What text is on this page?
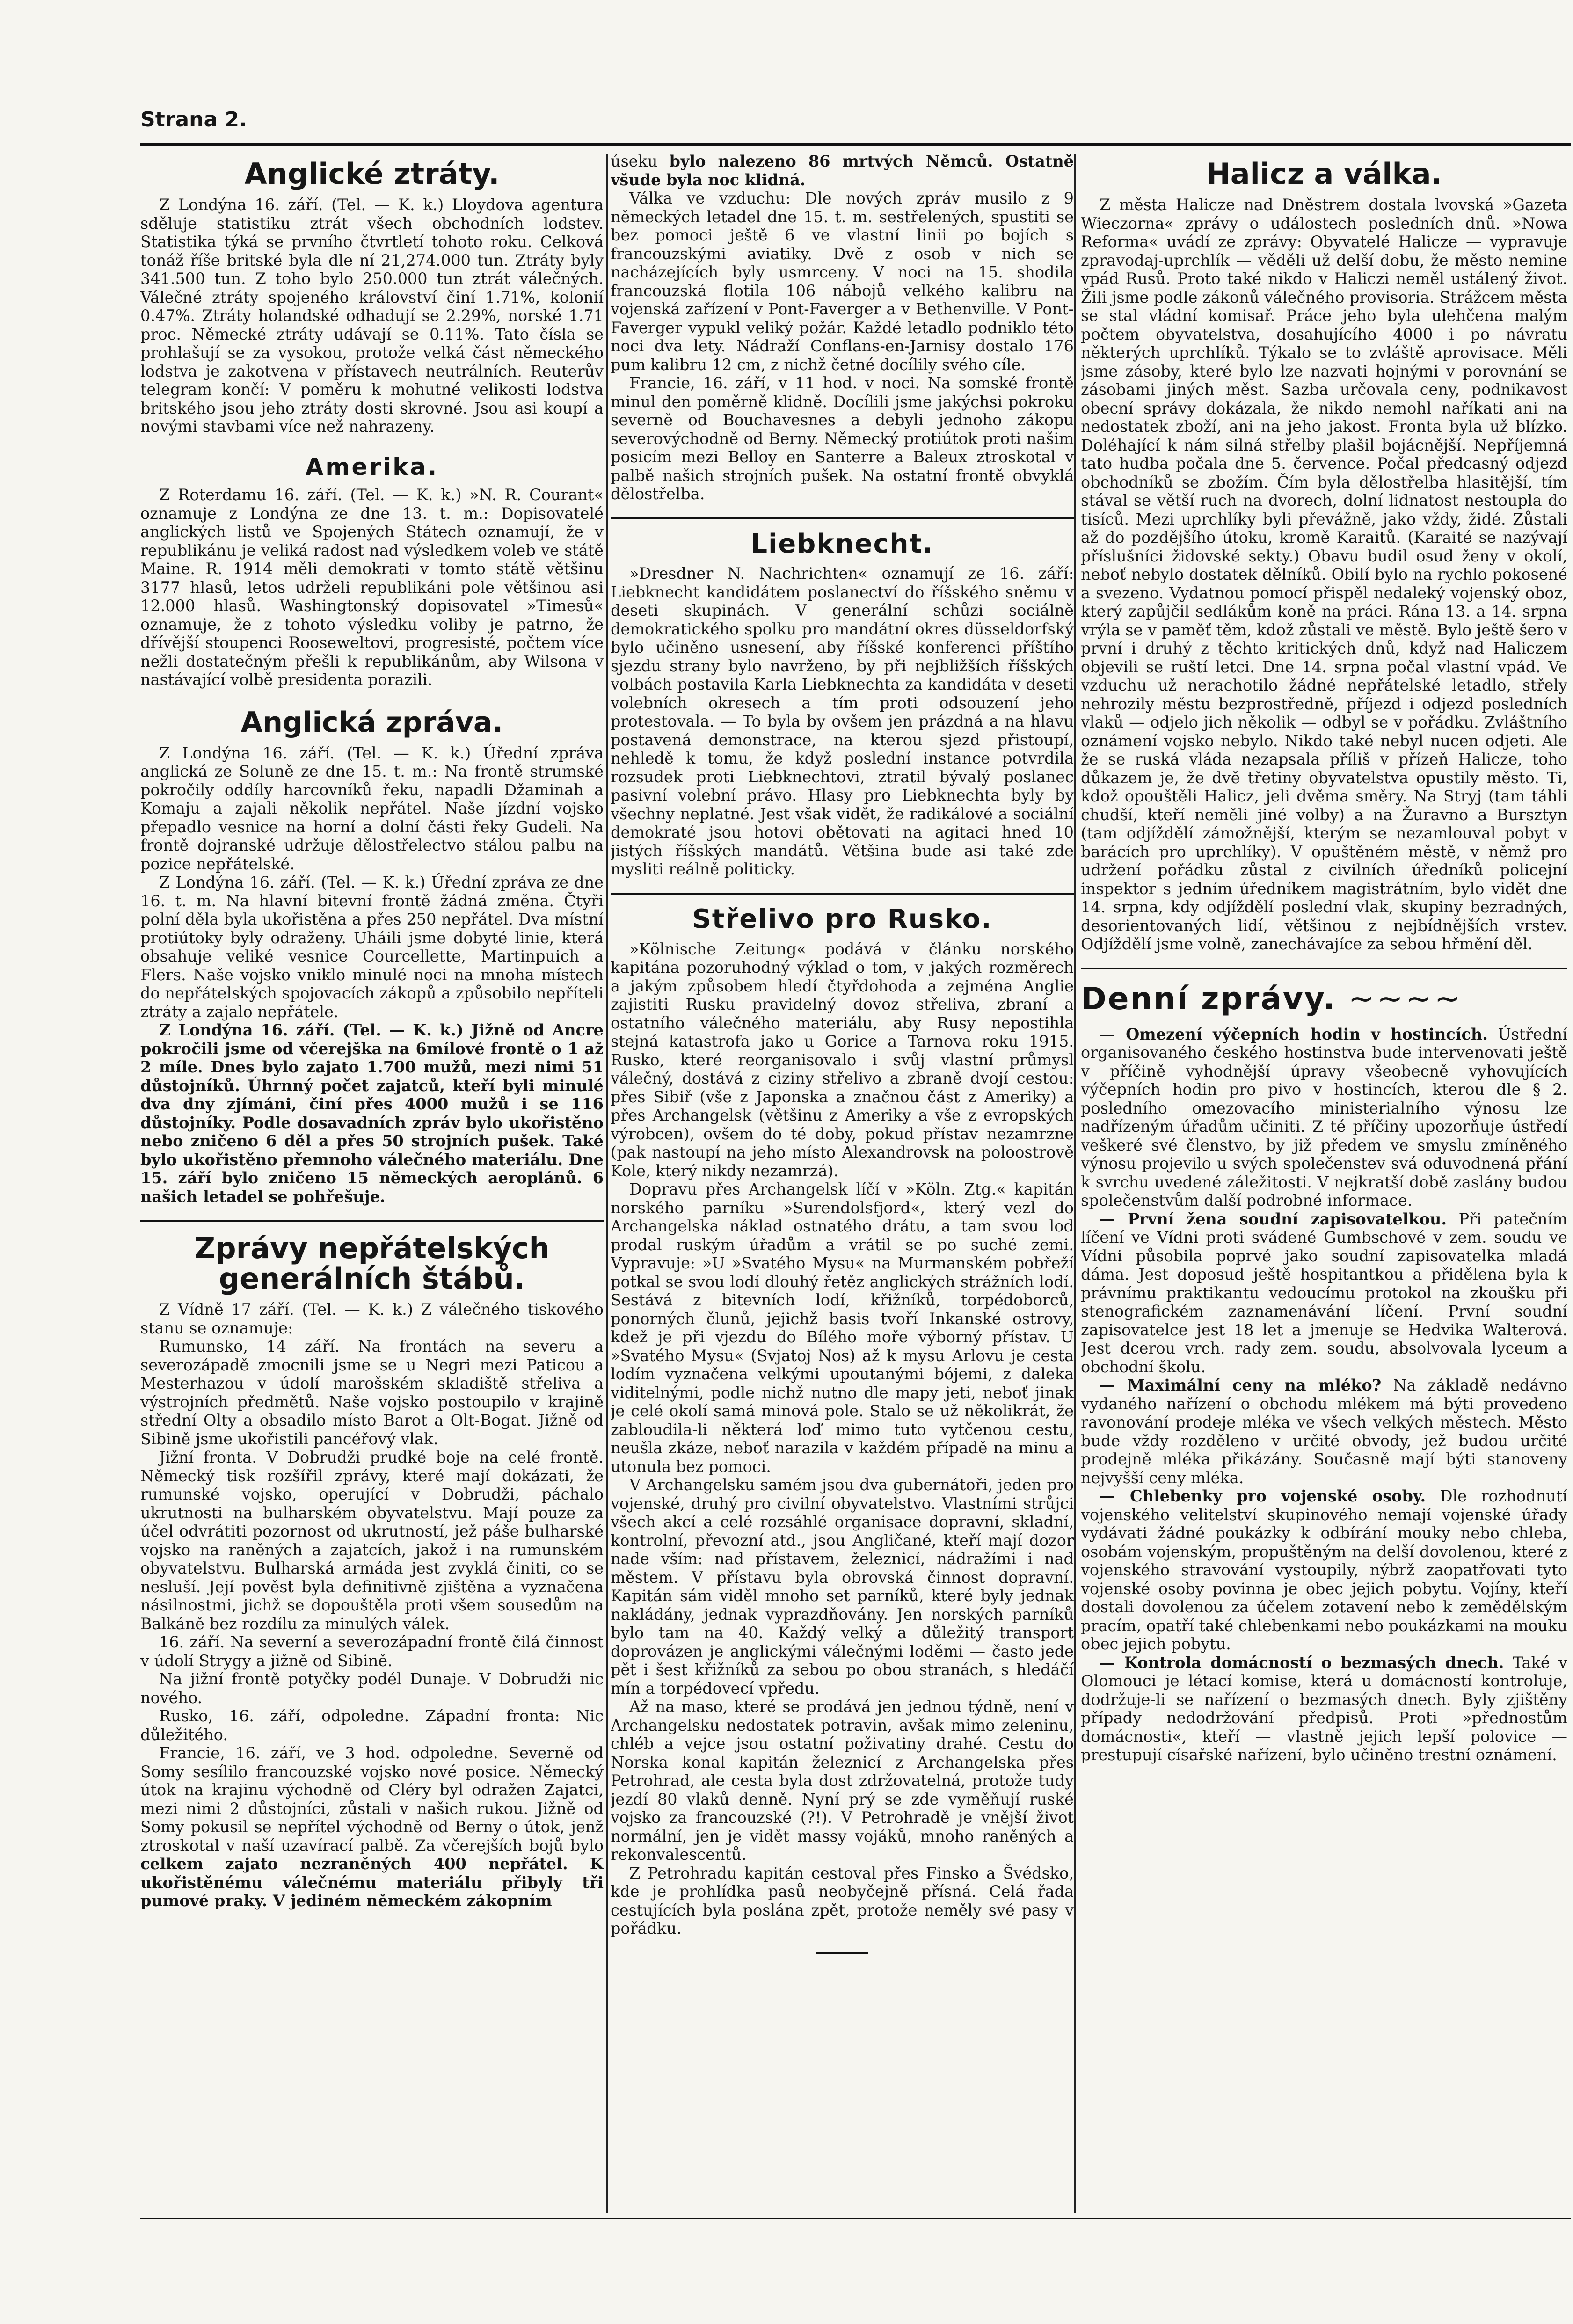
Strana 2.
Anglické ztráty.

Z Londýna 16. září. (Tel. — K. k.) Lloydova agentura sděluje statistiku ztrát všech obchodních lodstev. Statistika týká se prvního čtvrtletí tohoto roku. Celková tonáž říše britské byla dle ní 21,274.000 tun. Ztráty byly 341.500 tun. Z toho bylo 250.000 tun ztrát válečných. Válečné ztráty spojeného království činí 1.71%, kolonií 0.47%. Ztráty holandské odhadují se 2.29%, norské 1.71 proc. Německé ztráty udávají se 0.11%. Tato čísla se prohlašují se za vysokou, protože velká část německého lodstva je zakotvena v přístavech neutrálních. Reuterův telegram končí: V poměru k mohutné velikosti lodstva britského jsou jeho ztráty dosti skrovné. Jsou asi koupí a novými stavbami více než nahrazeny.

Amerika.

Z Roterdamu 16. září. (Tel. — K. k.) »N. R. Courant« oznamuje z Londýna ze dne 13. t. m.: Dopisovatelé anglických listů ve Spojených Státech oznamují, že v republikánu je veliká radost nad výsledkem voleb ve státě Maine. R. 1914 měli demokrati v tomto státě většinu 3177 hlasů, letos udrželi republikáni pole většinou asi 12.000 hlasů. Washingtonský dopisovatel »Timesů« oznamuje, že z tohoto výsledku voliby je patrno, že dřívější stoupenci Rooseweltovi, progresisté, počtem více nežli dostatečným přešli k republikánům, aby Wilsona v nastávající volbě presidenta porazili.

Anglická zpráva.

Z Londýna 16. září. (Tel. — K. k.) Úřední zpráva anglická ze Soluně ze dne 15. t. m.: Na frontě strumské pokročily oddíly harcovníků řeku, napadli Džaminah a Komaju a zajali několik nepřátel. Naše jízdní vojsko přepadlo vesnice na horní a dolní části řeky Gudeli. Na frontě dojranské udržuje dělostřelectvo stálou palbu na pozice nepřátelské.

Z Londýna 16. září. (Tel. — K. k.) Úřední zpráva ze dne 16. t. m. Na hlavní bitevní frontě žádná změna. Čtyři polní děla byla ukořistěna a přes 250 nepřátel. Dva místní protiútoky byly odraženy. Uháili jsme dobyté linie, která obsahuje veliké vesnice Courcellette, Martinpuich a Flers. Naše vojsko vniklo minulé noci na mnoha místech do nepřátelských spojovacích zákopů a způsobilo nepříteli ztráty a zajalo nepřátele.

Z Londýna 16. září. (Tel. — K. k.) Jižně od Ancre pokročili jsme od včerejška na 6mílové frontě o 1 až 2 míle. Dnes bylo zajato 1.700 mužů, mezi nimi 51 důstojníků. Úhrnný počet zajatců, kteří byli minulé dva dny zjímáni, činí přes 4000 mužů i se 116 důstojníky. Podle dosavadních zpráv bylo ukořistěno nebo zničeno 6 děl a přes 50 strojních pušek. Také bylo ukořistěno přemnoho válečného materiálu. Dne 15. září bylo zničeno 15 německých aeroplánů. 6 našich letadel se pohřešuje.

Zprávy nepřátelských generálních štábů.

Z Vídně 17 září. (Tel. — K. k.) Z válečného tiskového stanu se oznamuje:

Rumunsko, 14 září. Na frontách na severu a severozápadě zmocnili jsme se u Negri mezi Paticou a Mesterhazou v údolí marošském skladiště střeliva a výstrojních předmětů. Naše vojsko postoupilo v krajině střední Olty a obsadilo místo Barot a Olt-Bogat. Jižně od Sibině jsme ukořistili pancéřový vlak.

Jižní fronta. V Dobrudži prudké boje na celé frontě. Německý tisk rozšířil zprávy, které mají dokázati, že rumunské vojsko, operující v Dobrudži, páchalo ukrutnosti na bulharském obyvatelstvu. Mají pouze za účel odvrátiti pozornost od ukrutností, jež páše bulharské vojsko na raněných a zajatcích, jakož i na rumunském obyvatelstvu. Bulharská armáda jest zvyklá činiti, co se nesluší. Její pověst byla definitivně zjištěna a vyznačena násilnostmi, jichž se dopouštěla proti všem sousedům na Balkáně bez rozdílu za minulých válek.

16. září. Na severní a severozápadní frontě čilá činnost v údolí Strygy a jižně od Sibině.

Na jižní frontě potyčky podél Dunaje. V Dobrudži nic nového.

Rusko, 16. září, odpoledne. Západní fronta: Nic důležitého.

Francie, 16. září, ve 3 hod. odpoledne. Severně od Somy sesílilo francouzské vojsko nové posice. Německý útok na krajinu východně od Cléry byl odražen Zajatci, mezi nimi 2 důstojníci, zůstali v našich rukou. Jižně od Somy pokusil se nepřítel východně od Berny o útok, jenž ztroskotal v naší uzavírací palbě. Za včerejších bojů bylo celkem zajato nezraněných 400 nepřátel. K ukořistěnému válečnému materiálu přibyly tři pumové praky. V jediném německém zákopním

úseku bylo nalezeno 86 mrtvých Němců. Ostatně všude byla noc klidná.

Válka ve vzduchu: Dle nových zpráv musilo z 9 německých letadel dne 15. t. m. sestřelených, spustiti se bez pomoci ještě 6 ve vlastní linii po bojích s francouzskými aviatiky. Dvě z osob v nich se nacházejících byly usmrceny. V noci na 15. shodila francouzská flotila 106 nábojů velkého kalibru na vojenská zařízení v Pont-Faverger a v Bethenville. V Pont-Faverger vypukl veliký požár. Každé letadlo podniklo této noci dva lety. Nádraží Conflans-en-Jarnisy dostalo 176 pum kalibru 12 cm, z nichž četné docílily svého cíle.

Francie, 16. září, v 11 hod. v noci. Na somské frontě minul den poměrně klidně. Docílili jsme jakýchsi pokroku severně od Bouchavesnes a debyli jednoho zákopu severovýchodně od Berny. Německý protiútok proti našim posicím mezi Belloy en Santerre a Baleux ztroskotal v palbě našich strojních pušek. Na ostatní frontě obvyklá dělostřelba.

Liebknecht.

»Dresdner N. Nachrichten« oznamují ze 16. září: Liebknecht kandidátem poslanectví do říšského sněmu v deseti skupinách. V generální schůzi sociálně demokratického spolku pro mandátní okres düsseldorfský bylo učiněno usnesení, aby říšské konferenci příštího sjezdu strany bylo navrženo, by při nejbližších říšských volbách postavila Karla Liebknechta za kandidáta v deseti volebních okresech a tím proti odsouzení jeho protestovala. — To byla by ovšem jen prázdná a na hlavu postavená demonstrace, na kterou sjezd přistoupí, nehledě k tomu, že když poslední instance potvrdila rozsudek proti Liebknechtovi, ztratil bývalý poslanec pasivní volební právo. Hlasy pro Liebknechta byly by všechny neplatné. Jest však vidět, že radikálové a sociální demokraté jsou hotovi obětovati na agitaci hned 10 jistých říšských mandátů. Většina bude asi také zde mysliti reálně politicky.

Střelivo pro Rusko.

»Kölnische Zeitung« podává v článku norského kapitána pozoruhodný výklad o tom, v jakých rozměrech a jakým způsobem hledí čtyřdohoda a zejména Anglie zajistiti Rusku pravidelný dovoz střeliva, zbraní a ostatního válečného materiálu, aby Rusy nepostihla stejná katastrofa jako u Gorice a Tarnova roku 1915. Rusko, které reorganisovalo i svůj vlastní průmysl válečný, dostává z ciziny střelivo a zbraně dvojí cestou: přes Sibiř (vše z Japonska a značnou část z Ameriky) a přes Archangelsk (většinu z Ameriky a vše z evropských výrobcen), ovšem do té doby, pokud přístav nezamrzne (pak nastoupí na jeho místo Alexandrovsk na poloostrově Kole, který nikdy nezamrzá).

Dopravu přes Archangelsk líčí v »Köln. Ztg.« kapitán norského parníku »Surendolsfjord«, který vezl do Archangelska náklad ostnatého drátu, a tam svou lod prodal ruským úřadům a vrátil se po suché zemi. Vypravuje: »U »Svatého Mysu« na Murmanském pobřeží potkal se svou lodí dlouhý řetěz anglických strážních lodí. Sestává z bitevních lodí, křižníků, torpédoborců, ponorných člunů, jejichž basis tvoří Inkanské ostrovy, kdež je při vjezdu do Bílého moře výborný přístav. U »Svatého Mysu« (Svjatoj Nos) až k mysu Arlovu je cesta lodím vyznačena velkými upoutanými bójemi, z daleka viditelnými, podle nichž nutno dle mapy jeti, neboť jinak je celé okolí samá minová pole. Stalo se už několikrát, že zabloudila-li některá loď mimo tuto vytčenou cestu, neušla zkáze, neboť narazila v každém případě na minu a utonula bez pomoci.

V Archangelsku samém jsou dva gubernátoři, jeden pro vojenské, druhý pro civilní obyvatelstvo. Vlastními strůjci všech akcí a celé rozsáhlé organisace dopravní, skladní, kontrolní, převozní atd., jsou Angličané, kteří mají dozor nade vším: nad přístavem, železnicí, nádražími i nad městem. V přístavu byla obrovská činnost dopravní. Kapitán sám viděl mnoho set parníků, které byly jednak nakládány, jednak vyprazdňovány. Jen norských parníků bylo tam na 40. Každý velký a důležitý transport doprovázen je anglickými válečnými loděmi — často jede pět i šest křižníků za sebou po obou stranách, s hledáčí mín a torpédovecí vpředu.

Až na maso, které se prodává jen jednou týdně, není v Archangelsku nedostatek potravin, avšak mimo zeleninu, chléb a vejce jsou ostatní poživatiny drahé. Cestu do Norska konal kapitán železnicí z Archangelska přes Petrohrad, ale cesta byla dost zdržovatelná, protože tudy jezdí 80 vlaků denně. Nyní prý se zde vyměňují ruské vojsko za francouzské (?!). V Petrohradě je vnější život normální, jen je vidět massy vojáků, mnoho raněných a rekonvalescentů.

Z Petrohradu kapitán cestoval přes Finsko a Švédsko, kde je prohlídka pasů neobyčejně přísná. Celá řada cestujících byla poslána zpět, protože neměly své pasy v pořádku.

Halicz a válka.

Z města Halicze nad Dněstrem dostala lvovská »Gazeta Wieczorna« zprávy o událostech posledních dnů. »Nowa Reforma« uvádí ze zprávy: Obyvatelé Halicze — vypravuje zpravodaj-uprchlík — věděli už delší dobu, že město nemine vpád Rusů. Proto také nikdo v Haliczi neměl ustálený život. Žili jsme podle zákonů válečného provisoria. Strážcem města se stal vládní komisař. Práce jeho byla ulehčena malým počtem obyvatelstva, dosahujícího 4000 i po návratu některých uprchlíků. Týkalo se to zvláště aprovisace. Měli jsme zásoby, které bylo lze nazvati hojnými v porovnání se zásobami jiných měst. Sazba určovala ceny, podnikavost obecní správy dokázala, že nikdo nemohl naříkati ani na nedostatek zboží, ani na jeho jakost. Fronta byla už blízko. Doléhající k nám silná střelby plašil bojácnější. Nepříjemná tato hudba počala dne 5. července. Počal předcasný odjezd obchodníků se zbožím. Čím byla dělostřelba hlasitější, tím stával se větší ruch na dvorech, dolní lidnatost nestoupla do tisíců. Mezi uprchlíky byli převážně, jako vždy, židé. Zůstali až do pozdějšího útoku, kromě Karaitů. (Karaité se nazývají příslušníci židovské sekty.) Obavu budil osud ženy v okolí, neboť nebylo dostatek dělníků. Obilí bylo na rychlo pokosené a svezeno. Vydatnou pomocí přispěl nedaleký vojenský oboz, který zapůjčil sedlákům koně na práci. Rána 13. a 14. srpna vrýla se v paměť těm, kdož zůstali ve městě. Bylo ještě šero v první i druhý z těchto kritických dnů, když nad Haliczem objevili se ruští letci. Dne 14. srpna počal vlastní vpád. Ve vzduchu už nerachotilo žádné nepřátelské letadlo, střely nehrozily městu bezprostředně, příjezd i odjezd posledních vlaků — odjelo jich několik — odbyl se v pořádku. Zvláštního oznámení vojsko nebylo. Nikdo také nebyl nucen odjeti. Ale že se ruská vláda nezapsala příliš v přízeň Halicze, toho důkazem je, že dvě třetiny obyvatelstva opustily město. Ti, kdož opouštěli Halicz, jeli dvěma směry. Na Stryj (tam táhli chudší, kteří neměli jiné volby) a na Žuravno a Bursztyn (tam odjíždělí zámožnější, kterým se nezamlouval pobyt v barácích pro uprchlíky). V opuštěném městě, v němž pro udržení pořádku zůstal z civilních úředníků policejní inspektor s jedním úředníkem magistrátním, bylo vidět dne 14. srpna, kdy odjíždělí poslední vlak, skupiny bezradných, desorientovaných lidí, většinou z nejbídnějších vrstev. Odjíždělí jsme volně, zanechávajíce za sebou hřmění děl.

Denní zprávy. ~~~~

— Omezení výčepních hodin v hostincích. Ústřední organisovaného českého hostinstva bude intervenovati ještě v příčině vyhodnější úpravy všeobecně vyhovujících výčepních hodin pro pivo v hostincích, kterou dle § 2. posledního omezovacího ministerialního výnosu lze nadřízeným úřadům učiniti. Z té příčiny upozorňuje ústředí veškeré své členstvo, by již předem ve smyslu zmíněného výnosu projevilo u svých společenstev svá oduvodnená přání k svrchu uvedené záležitosti. V nejkratší době zaslány budou společenstvům další podrobné informace.

— První žena soudní zapisovatelkou. Při patečním líčení ve Vídni proti svádené Gumbschové v zem. soudu ve Vídni působila poprvé jako soudní zapisovatelka mladá dáma. Jest doposud ještě hospitantkou a přidělena byla k právnímu praktikantu vedoucímu protokol na zkoušku při stenografickém zaznamenávání líčení. První soudní zapisovatelce jest 18 let a jmenuje se Hedvika Walterová. Jest dcerou vrch. rady zem. soudu, absolvovala lyceum a obchodní školu.

— Maximální ceny na mléko? Na základě nedávno vydaného nařízení o obchodu mlékem má býti provedeno ravonování prodeje mléka ve všech velkých městech. Město bude vždy rozděleno v určité obvody, jež budou určité prodejně mléka přikázány. Současně mají býti stanoveny nejvyšší ceny mléka.

— Chlebenky pro vojenské osoby. Dle rozhodnutí vojenského velitelství skupinového nemají vojenské úřady vydávati žádné poukázky k odbírání mouky nebo chleba, osobám vojenským, propuštěným na delší dovolenou, které z vojenského stravování vystoupily, nýbrž zaopatřovati tyto vojenské osoby povinna je obec jejich pobytu. Vojíny, kteří dostali dovolenou za účelem zotavení nebo k zemědělským pracím, opatří také chlebenkami nebo poukázkami na mouku obec jejich pobytu.

— Kontrola domácností o bezmasých dnech. Také v Olomouci je létací komise, která u domácností kontroluje, dodržuje-li se nařízení o bezmasých dnech. Byly zjištěny případy nedodržování předpisů. Proti »přednostům domácnosti«, kteří — vlastně jejich lepší polovice — prestupují císařské nařízení, bylo učiněno trestní oznámení.
